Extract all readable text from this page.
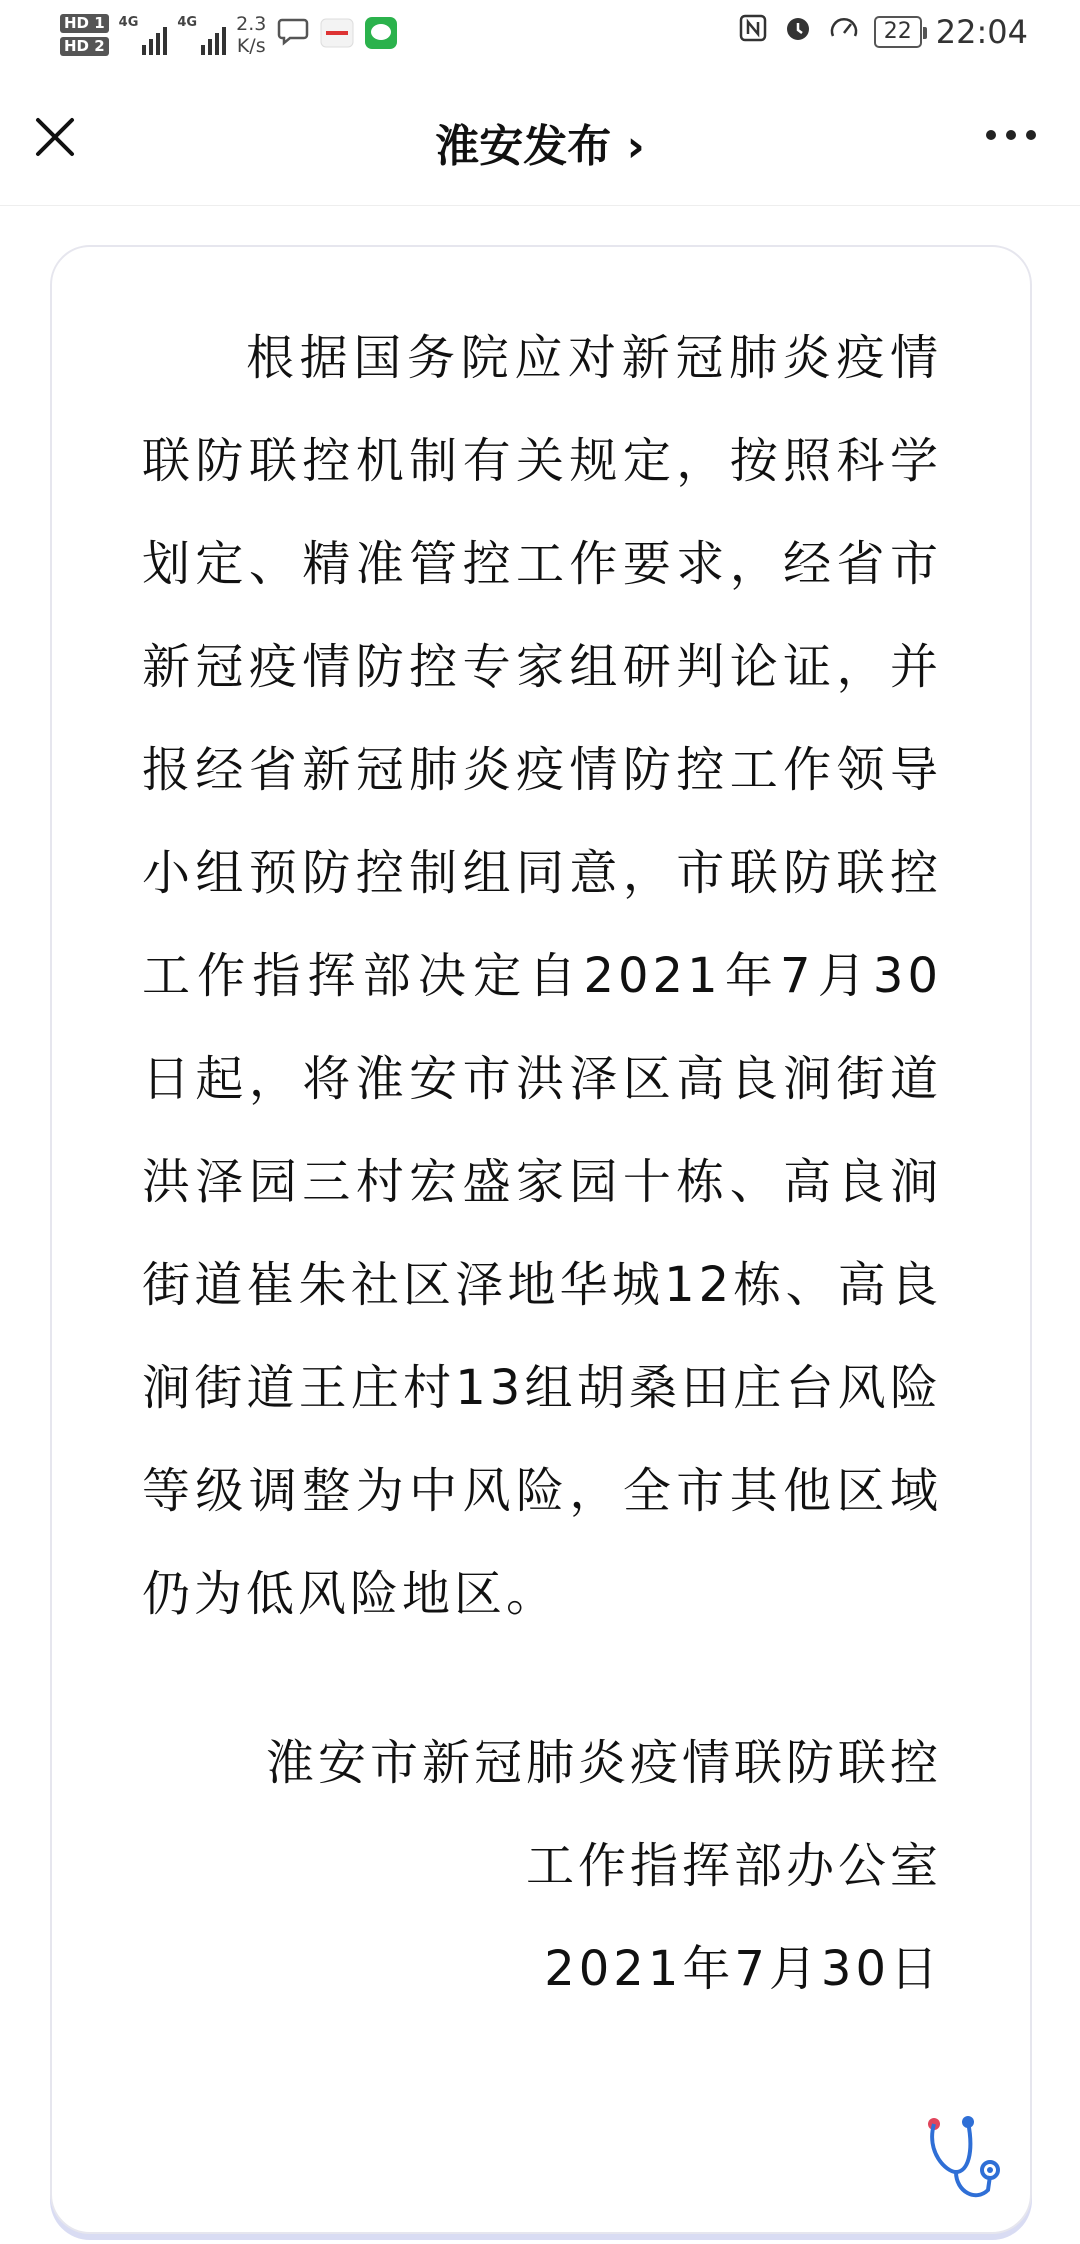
HD 1
HD 2
4G	4G 2.3
K/s
22 22:04
淮安发布 ›

根据国务院应对新冠肺炎疫情联防联控机制有关规定，按照科学划定、精准管控工作要求，经省市新冠疫情防控专家组研判论证，并报经省新冠肺炎疫情防控工作领导小组预防控制组同意，市联防联控工作指挥部决定自2021年7月30日起，将淮安市洪泽区高良涧街道洪泽园三村宏盛家园十栋、高良涧街道崔朱社区泽地华城12栋、高良涧街道王庄村13组胡桑田庄台风险等级调整为中风险，全市其他区域仍为低风险地区。

淮安市新冠肺炎疫情联防联控
工作指挥部办公室
2021年7月30日
